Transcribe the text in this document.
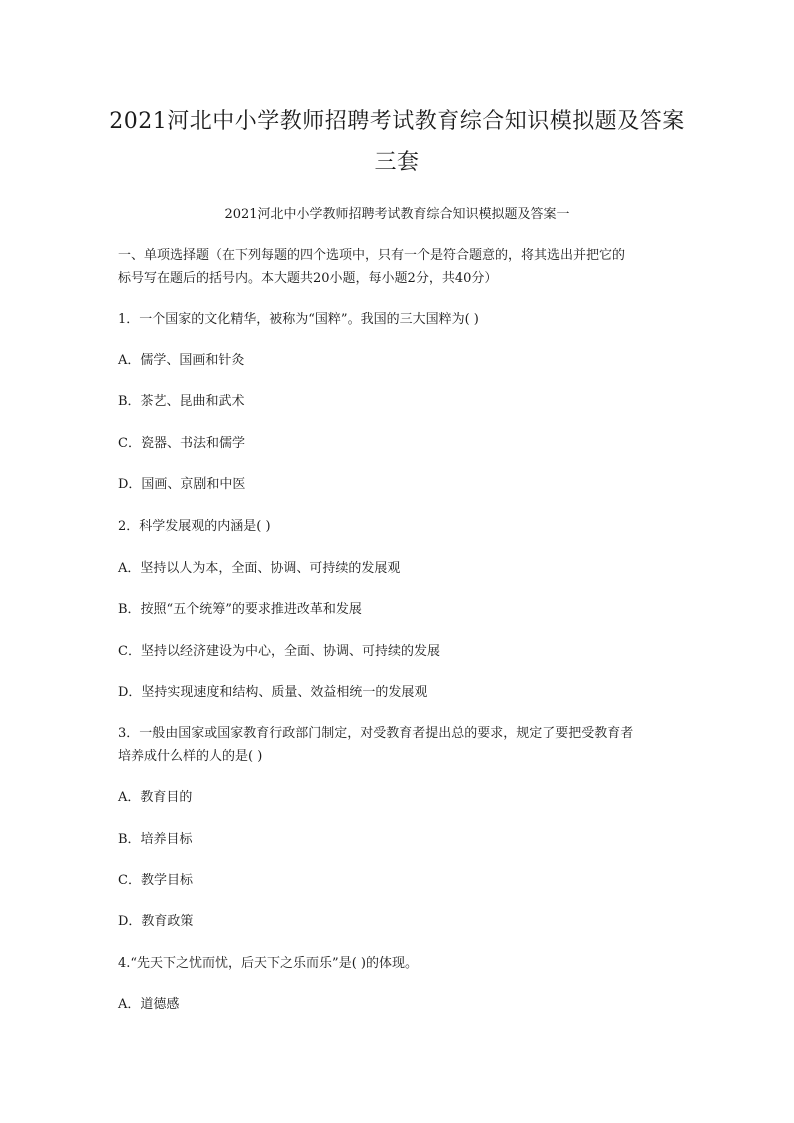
2021河北中小学教师招聘考试教育综合知识模拟题及答案
三套
2021河北中小学教师招聘考试教育综合知识模拟题及答案一
一、单项选择题（在下列每题的四个选项中，只有一个是符合题意的，将其选出并把它的
标号写在题后的括号内。本大题共20小题，每小题2分，共40分）
1．一个国家的文化精华，被称为“国粹”。我国的三大国粹为( )
A．儒学、国画和针灸
B．茶艺、昆曲和武术
C．瓷器、书法和儒学
D．国画、京剧和中医
2．科学发展观的内涵是( )
A．坚持以人为本，全面、协调、可持续的发展观
B．按照“五个统筹”的要求推进改革和发展
C．坚持以经济建设为中心，全面、协调、可持续的发展
D．坚持实现速度和结构、质量、效益相统一的发展观
3．一般由国家或国家教育行政部门制定，对受教育者提出总的要求，规定了要把受教育者
培养成什么样的人的是( )
A．教育目的
B．培养目标
C．教学目标
D．教育政策
4.“先天下之忧而忧，后天下之乐而乐”是( )的体现。
A．道德感
